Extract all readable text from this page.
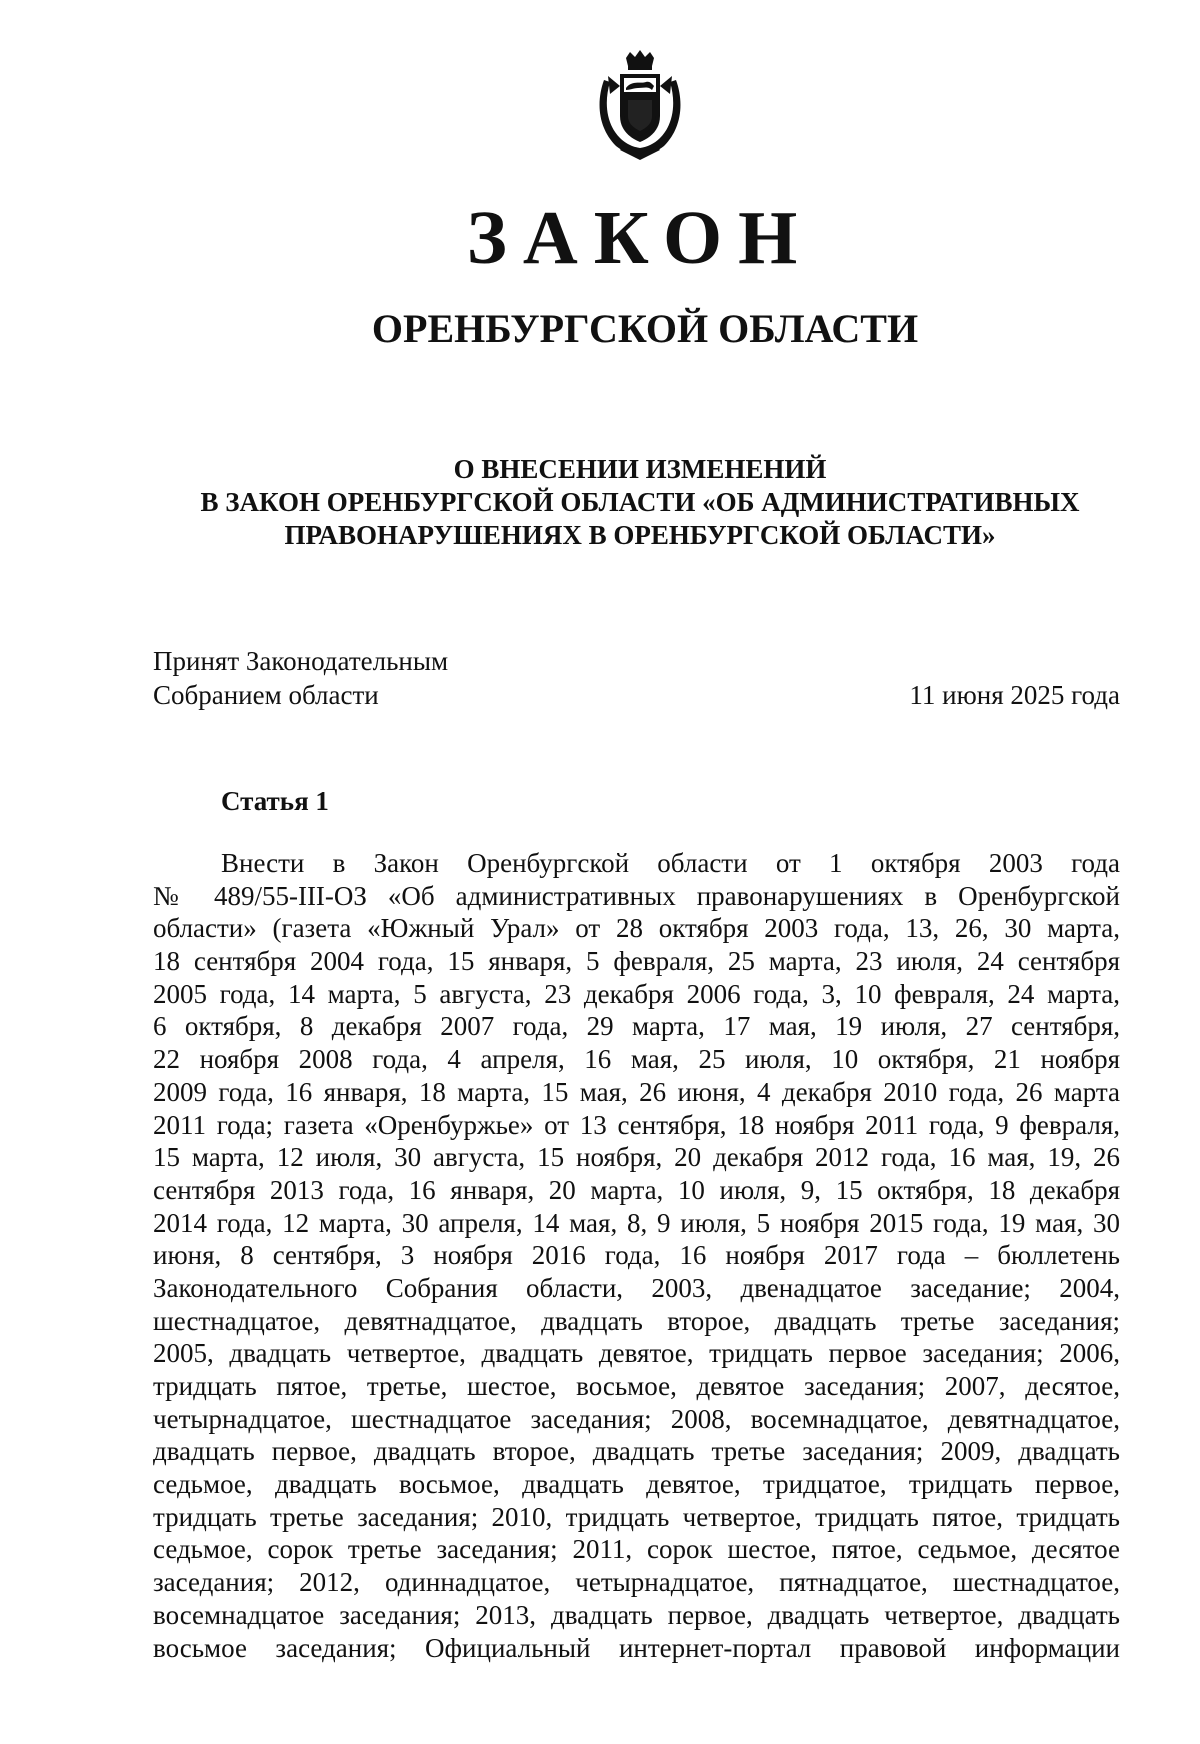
ЗАКОН
ОРЕНБУРГСКОЙ ОБЛАСТИ
О ВНЕСЕНИИ ИЗМЕНЕНИЙ
В ЗАКОН ОРЕНБУРГСКОЙ ОБЛАСТИ «ОБ АДМИНИСТРАТИВНЫХ
ПРАВОНАРУШЕНИЯХ В ОРЕНБУРГСКОЙ ОБЛАСТИ»
Принят Законодательным
Собранием области	11 июня 2025 года
Статья 1
Внести в Закон Оренбургской области от 1 октября 2003 года
№ 489/55-III-ОЗ «Об административных правонарушениях в Оренбургской
области» (газета «Южный Урал» от 28 октября 2003 года, 13, 26, 30 марта,
18 сентября 2004 года, 15 января, 5 февраля, 25 марта, 23 июля, 24 сентября
2005 года, 14 марта, 5 августа, 23 декабря 2006 года, 3, 10 февраля, 24 марта,
6 октября, 8 декабря 2007 года, 29 марта, 17 мая, 19 июля, 27 сентября,
22 ноября 2008 года, 4 апреля, 16 мая, 25 июля, 10 октября, 21 ноября
2009 года, 16 января, 18 марта, 15 мая, 26 июня, 4 декабря 2010 года, 26 марта
2011 года; газета «Оренбуржье» от 13 сентября, 18 ноября 2011 года, 9 февраля,
15 марта, 12 июля, 30 августа, 15 ноября, 20 декабря 2012 года, 16 мая, 19, 26
сентября 2013 года, 16 января, 20 марта, 10 июля, 9, 15 октября, 18 декабря
2014 года, 12 марта, 30 апреля, 14 мая, 8, 9 июля, 5 ноября 2015 года, 19 мая, 30
июня, 8 сентября, 3 ноября 2016 года, 16 ноября 2017 года – бюллетень
Законодательного Собрания области, 2003, двенадцатое заседание; 2004,
шестнадцатое, девятнадцатое, двадцать второе, двадцать третье заседания;
2005, двадцать четвертое, двадцать девятое, тридцать первое заседания; 2006,
тридцать пятое, третье, шестое, восьмое, девятое заседания; 2007, десятое,
четырнадцатое, шестнадцатое заседания; 2008, восемнадцатое, девятнадцатое,
двадцать первое, двадцать второе, двадцать третье заседания; 2009, двадцать
седьмое, двадцать восьмое, двадцать девятое, тридцатое, тридцать первое,
тридцать третье заседания; 2010, тридцать четвертое, тридцать пятое, тридцать
седьмое, сорок третье заседания; 2011, сорок шестое, пятое, седьмое, десятое
заседания; 2012, одиннадцатое, четырнадцатое, пятнадцатое, шестнадцатое,
восемнадцатое заседания; 2013, двадцать первое, двадцать четвертое, двадцать
восьмое заседания; Официальный интернет-портал правовой информации
